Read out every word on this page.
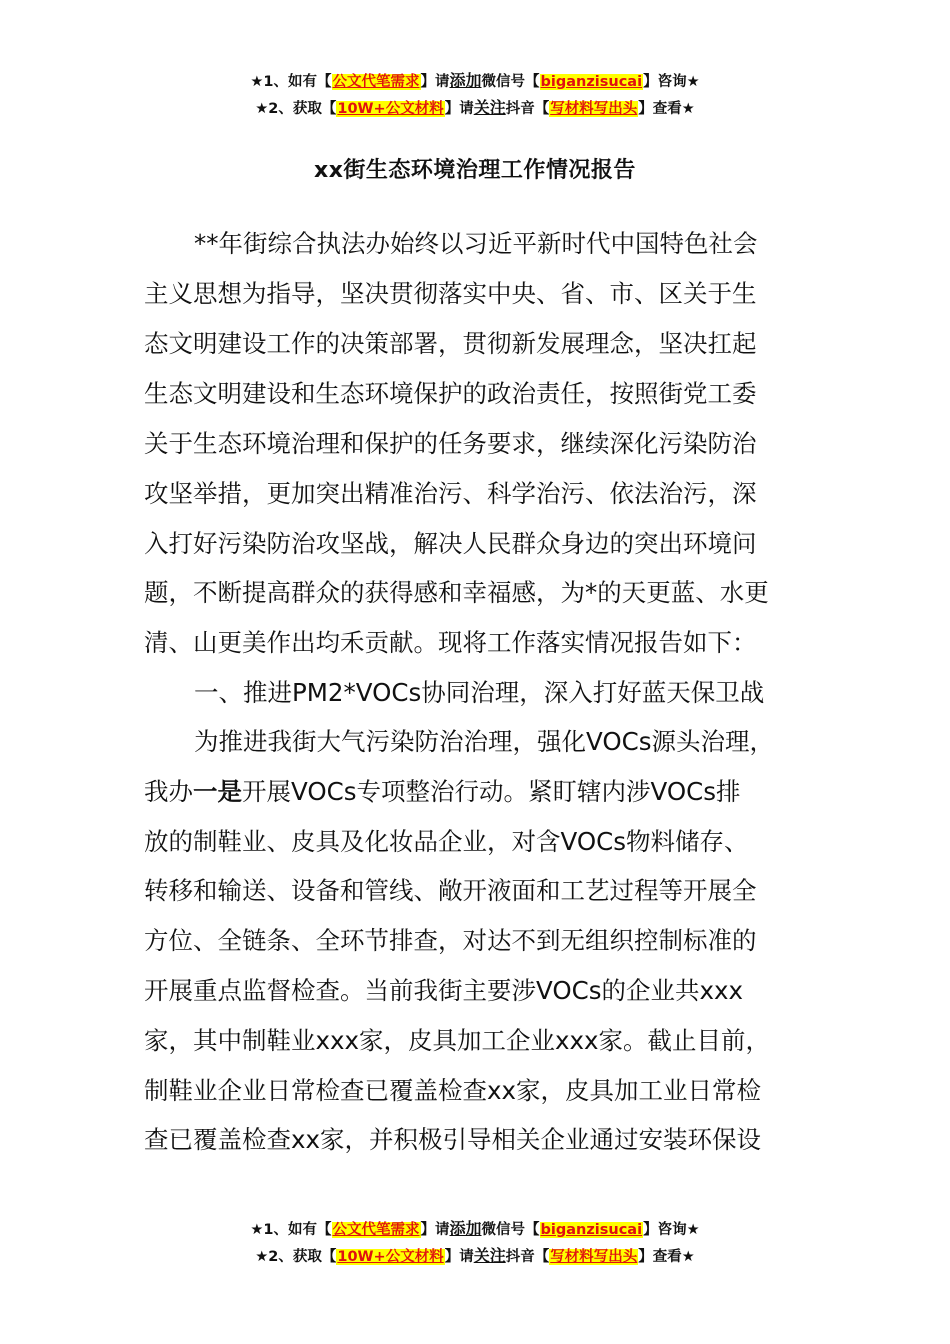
★1、如有【公文代笔需求】请添加微信号【biganzisucai】咨询★
★2、获取【10W+公文材料】请关注抖音【写材料写出头】查看★
xx街生态环境治理工作情况报告
**年街综合执法办始终以习近平新时代中国特色社会
主义思想为指导，坚决贯彻落实中央、省、市、区关于生
态文明建设工作的决策部署，贯彻新发展理念，坚决扛起
生态文明建设和生态环境保护的政治责任，按照街党工委
关于生态环境治理和保护的任务要求，继续深化污染防治
攻坚举措，更加突出精准治污、科学治污、依法治污，深
入打好污染防治攻坚战，解决人民群众身边的突出环境问
题，不断提高群众的获得感和幸福感，为*的天更蓝、水更
清、山更美作出均禾贡献。现将工作落实情况报告如下：
一、推进PM2*VOCs协同治理，深入打好蓝天保卫战
为推进我街大气污染防治治理，强化VOCs源头治理，
我办一是开展VOCs专项整治行动。紧盯辖内涉VOCs排
放的制鞋业、皮具及化妆品企业，对含VOCs物料储存、
转移和输送、设备和管线、敞开液面和工艺过程等开展全
方位、全链条、全环节排查，对达不到无组织控制标准的
开展重点监督检查。当前我街主要涉VOCs的企业共xxx
家，其中制鞋业xxx家，皮具加工企业xxx家。截止目前，
制鞋业企业日常检查已覆盖检查xx家，皮具加工业日常检
查已覆盖检查xx家，并积极引导相关企业通过安装环保设
★1、如有【公文代笔需求】请添加微信号【biganzisucai】咨询★
★2、获取【10W+公文材料】请关注抖音【写材料写出头】查看★
